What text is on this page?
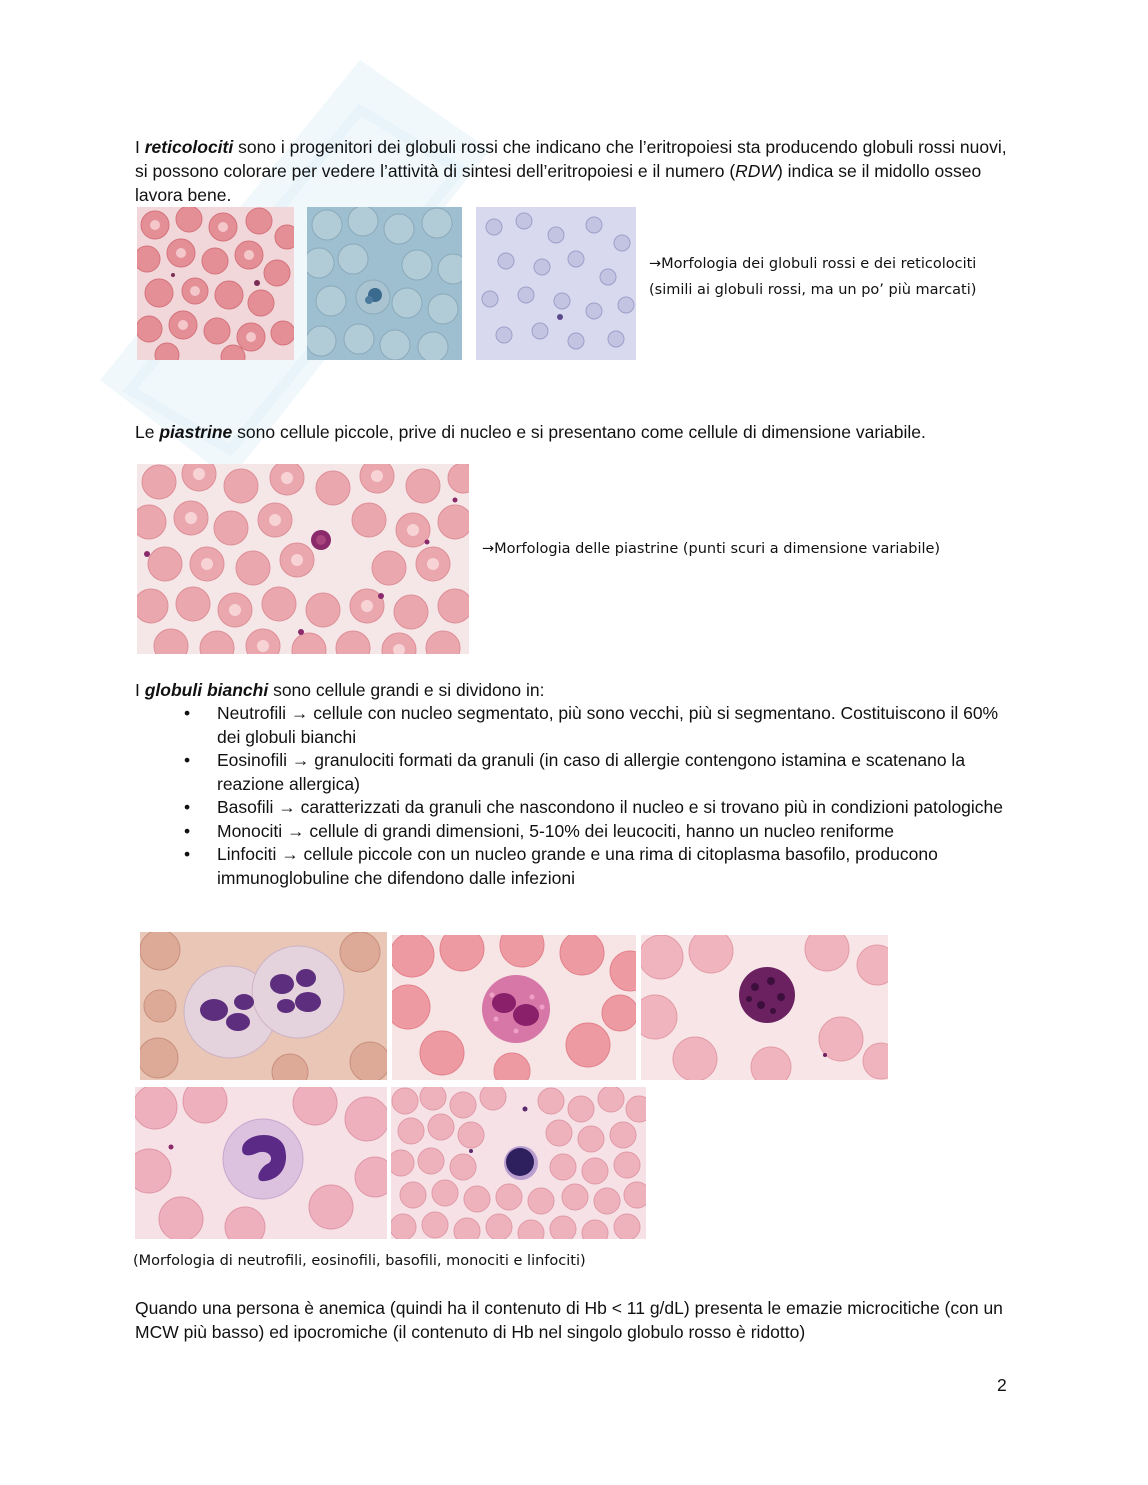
I reticolociti sono i progenitori dei globuli rossi che indicano che l’eritropoiesi sta producendo globuli rossi nuovi, si possono colorare per vedere l’attività di sintesi dell’eritropoiesi e il numero (RDW) indica se il midollo osseo lavora bene.
→Morfologia dei globuli rossi e dei reticolociti (simili ai globuli rossi, ma un po’ più marcati)
Le piastrine sono cellule piccole, prive di nucleo e si presentano come cellule di dimensione variabile.
→Morfologia delle piastrine (punti scuri a dimensione variabile)
I globuli bianchi sono cellule grandi e si dividono in:
• Neutrofili → cellule con nucleo segmentato, più sono vecchi, più si segmentano. Costituiscono il 60% dei globuli bianchi
• Eosinofili → granulociti formati da granuli (in caso di allergie contengono istamina e scatenano la reazione allergica)
• Basofili → caratterizzati da granuli che nascondono il nucleo e si trovano più in condizioni patologiche
• Monociti → cellule di grandi dimensioni, 5-10% dei leucociti, hanno un nucleo reniforme
• Linfociti → cellule piccole con un nucleo grande e una rima di citoplasma basofilo, producono immunoglobuline che difendono dalle infezioni
(Morfologia di neutrofili, eosinofili, basofili, monociti e linfociti)
Quando una persona è anemica (quindi ha il contenuto di Hb < 11 g/dL) presenta le emazie microcitiche (con un MCW più basso) ed ipocromiche (il contenuto di Hb nel singolo globulo rosso è ridotto)
2
